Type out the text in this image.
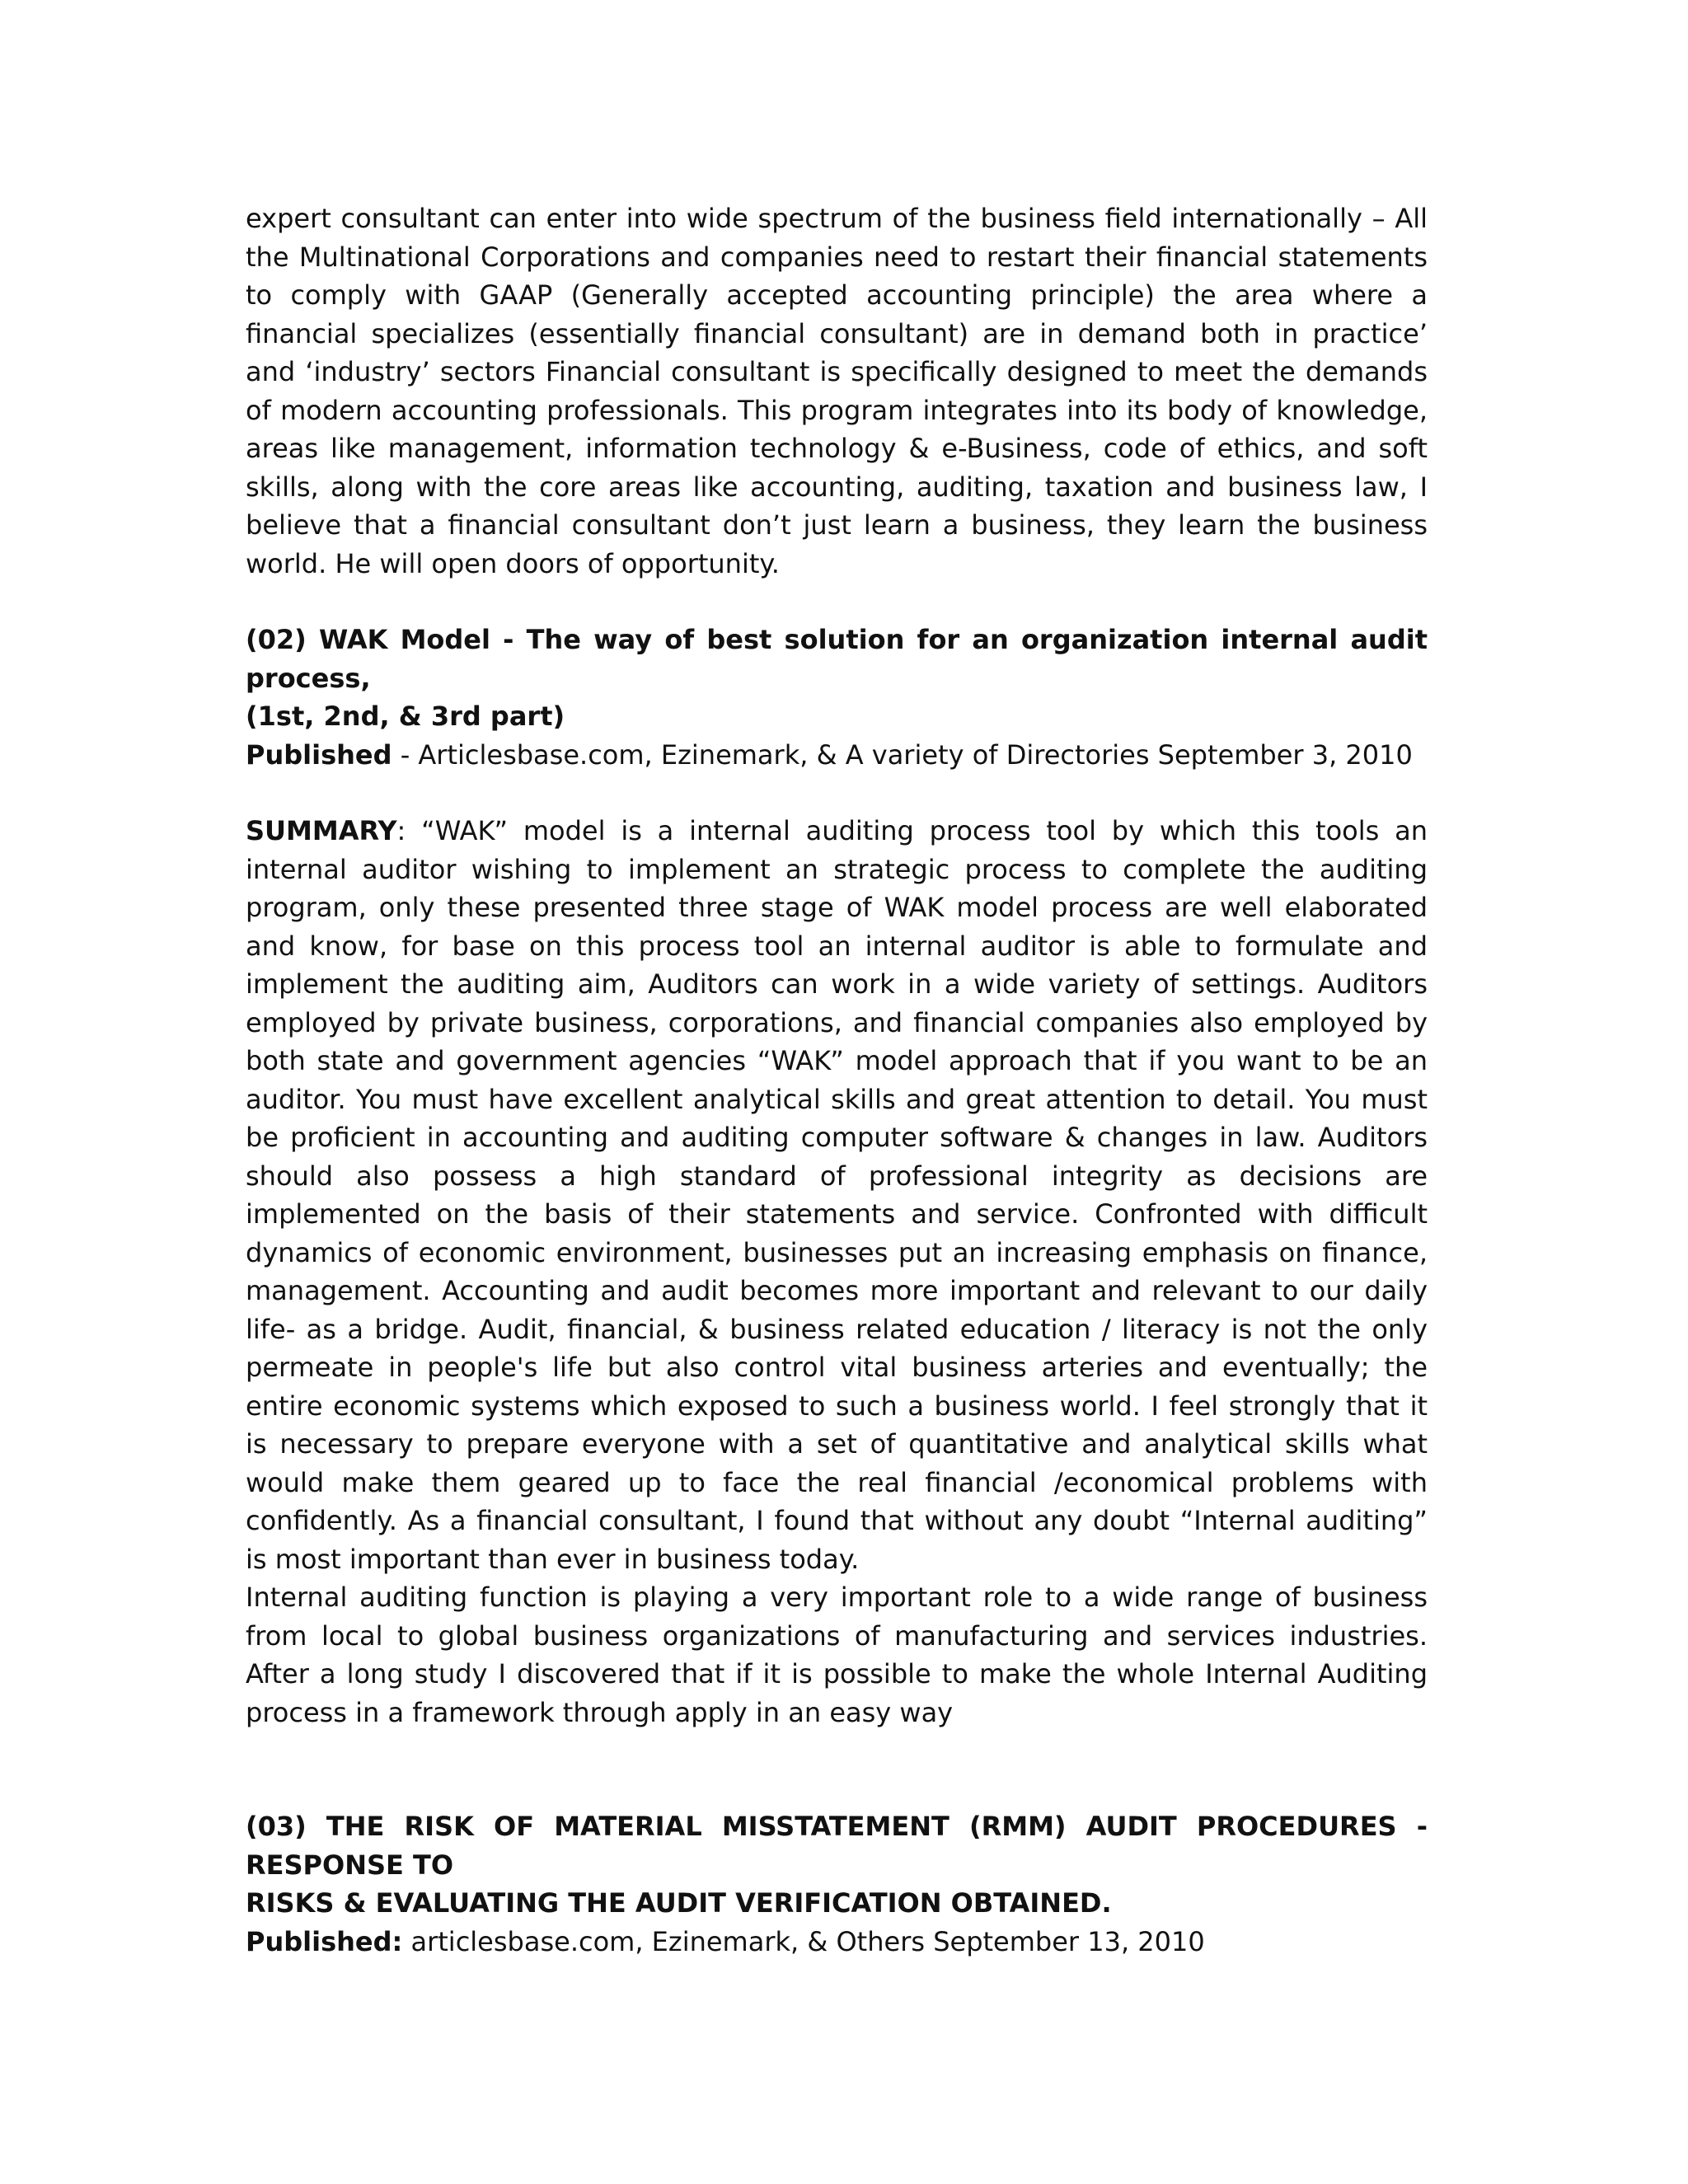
expert consultant can enter into wide spectrum of the business field internationally – All the Multinational Corporations and companies need to restart their financial statements to comply with GAAP (Generally accepted accounting principle) the area where a financial specializes (essentially financial consultant) are in demand both in practice’ and ‘industry’ sectors Financial consultant is specifically designed to meet the demands of modern accounting professionals. This program integrates into its body of knowledge, areas like management, information technology & e-Business, code of ethics, and soft skills, along with the core areas like accounting, auditing, taxation and business law, I believe that a financial consultant don’t just learn a business, they learn the business world. He will open doors of opportunity.

(02) WAK Model - The way of best solution for an organization internal audit process,

(1st, 2nd, & 3rd part)

Published - Articlesbase.com, Ezinemark, & A variety of Directories September 3, 2010

SUMMARY: “WAK” model is a internal auditing process tool by which this tools an internal auditor wishing to implement an strategic process to complete the auditing program, only these presented three stage of WAK model process are well elaborated and know, for base on this process tool an internal auditor is able to formulate and implement the auditing aim, Auditors can work in a wide variety of settings. Auditors employed by private business, corporations, and financial companies also employed by both state and government agencies “WAK” model approach that if you want to be an auditor. You must have excellent analytical skills and great attention to detail. You must be proficient in accounting and auditing computer software & changes in law. Auditors should also possess a high standard of professional integrity as decisions are implemented on the basis of their statements and service. Confronted with difficult dynamics of economic environment, businesses put an increasing emphasis on finance, management. Accounting and audit becomes more important and relevant to our daily life- as a bridge. Audit, financial, & business related education / literacy is not the only permeate in people's life but also control vital business arteries and eventually; the entire economic systems which exposed to such a business world. I feel strongly that it is necessary to prepare everyone with a set of quantitative and analytical skills what would make them geared up to face the real financial /economical problems with confidently. As a financial consultant, I found that without any doubt “Internal auditing” is most important than ever in business today.

Internal auditing function is playing a very important role to a wide range of business from local to global business organizations of manufacturing and services industries. After a long study I discovered that if it is possible to make the whole Internal Auditing process in a framework through apply in an easy way

(03) THE RISK OF MATERIAL MISSTATEMENT (RMM) AUDIT PROCEDURES - RESPONSE TO

RISKS & EVALUATING THE AUDIT VERIFICATION OBTAINED.

Published: articlesbase.com, Ezinemark, & Others September 13, 2010
